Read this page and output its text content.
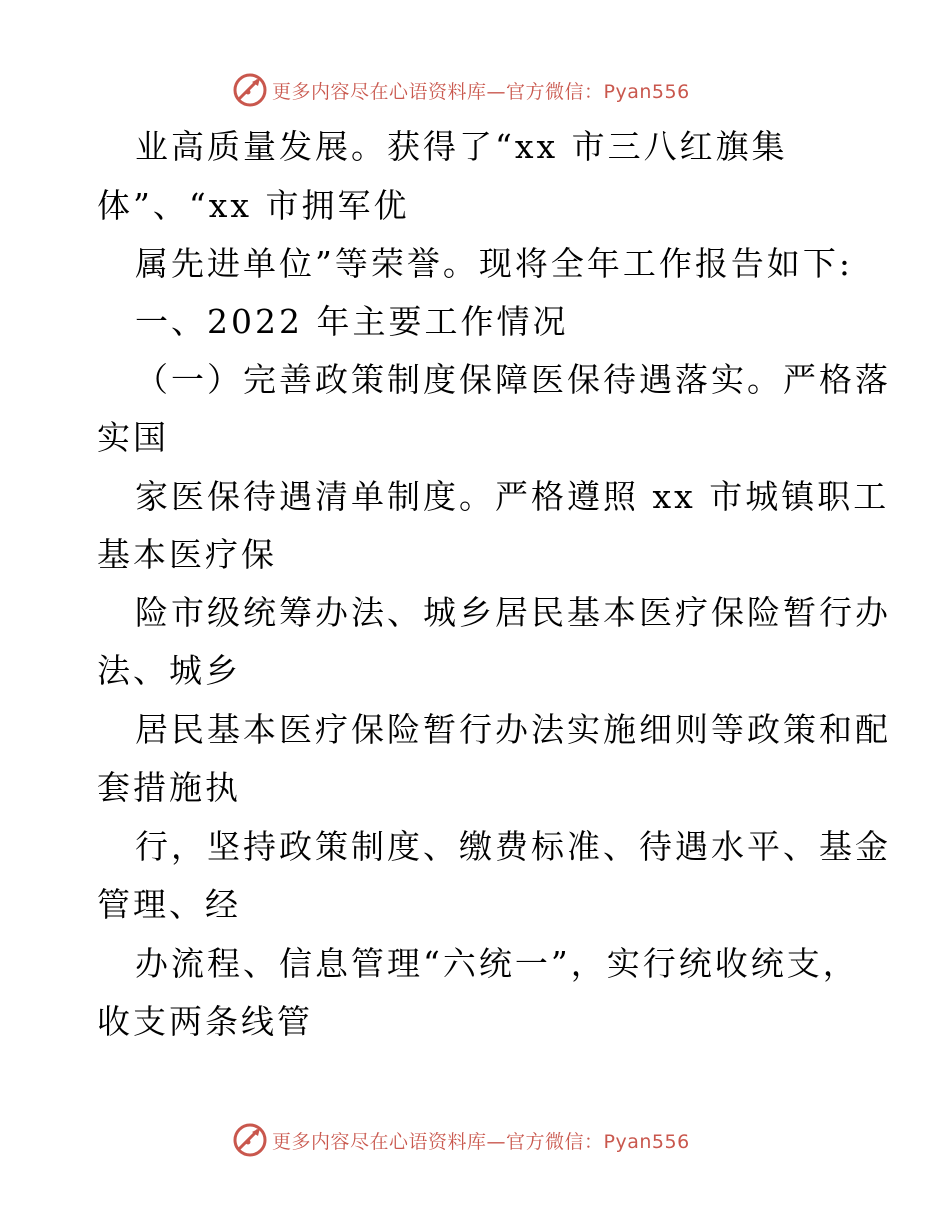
更多内容尽在心语资料库—官方微信：Pyan556
业高质量发展。获得了“xx 市三八红旗集
体”、“xx 市拥军优
属先进单位”等荣誉。现将全年工作报告如下:
一、2022 年主要工作情况
（一）完善政策制度保障医保待遇落实。严格落
实国
家医保待遇清单制度。严格遵照 xx 市城镇职工
基本医疗保
险市级统筹办法、城乡居民基本医疗保险暂行办
法、城乡
居民基本医疗保险暂行办法实施细则等政策和配
套措施执
行，坚持政策制度、缴费标准、待遇水平、基金
管理、经
办流程、信息管理“六统一”，实行统收统支，
收支两条线管
更多内容尽在心语资料库—官方微信：Pyan556
